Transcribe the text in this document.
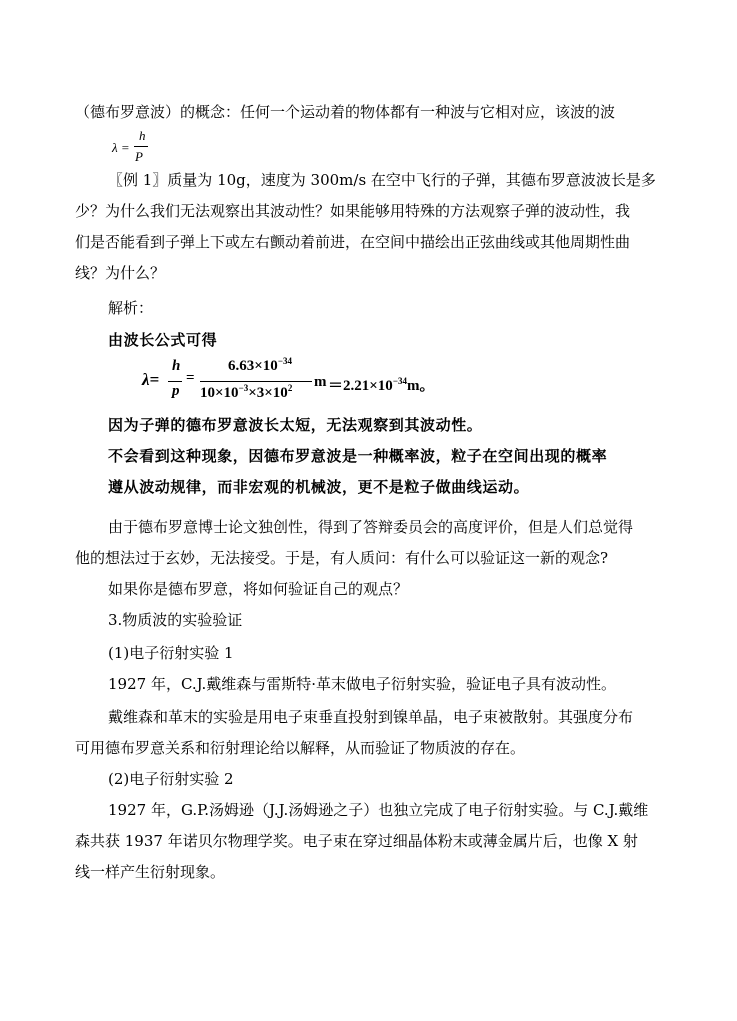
（德布罗意波）的概念：任何一个运动着的物体都有一种波与它相对应，该波的波
λ =
h
P
〖例 1〗质量为 10g，速度为 300m/s 在空中飞行的子弹，其德布罗意波波长是多
少？为什么我们无法观察出其波动性？如果能够用特殊的方法观察子弹的波动性，我
们是否能看到子弹上下或左右颤动着前进，在空间中描绘出正弦曲线或其他周期性曲
线？为什么？
解析：
由波长公式可得
λ=
h
p
=
$6.63\times 10^{-34}$
$10\times 10^{-3}\times 3\times 10^2$ $m =2.21\times 10^{-34}m$。
因为子弹的德布罗意波长太短，无法观察到其波动性。
不会看到这种现象，因德布罗意波是一种概率波，粒子在空间出现的概率
遵从波动规律，而非宏观的机械波，更不是粒子做曲线运动。
由于德布罗意博士论文独创性，得到了答辩委员会的高度评价，但是人们总觉得
他的想法过于玄妙，无法接受。于是，有人质问：有什么可以验证这一新的观念?
如果你是德布罗意，将如何验证自己的观点？
3.物质波的实验验证
(1)电子衍射实验 1
1927 年，C.J.戴维森与雷斯特·革末做电子衍射实验，验证电子具有波动性。
戴维森和革末的实验是用电子束垂直投射到镍单晶，电子束被散射。其强度分布
可用德布罗意关系和衍射理论给以解释，从而验证了物质波的存在。
(2)电子衍射实验 2
1927 年，G.P.汤姆逊（J.J.汤姆逊之子）也独立完成了电子衍射实验。与 C.J.戴维
森共获 1937 年诺贝尔物理学奖。电子束在穿过细晶体粉末或薄金属片后，也像 X 射
线一样产生衍射现象。
